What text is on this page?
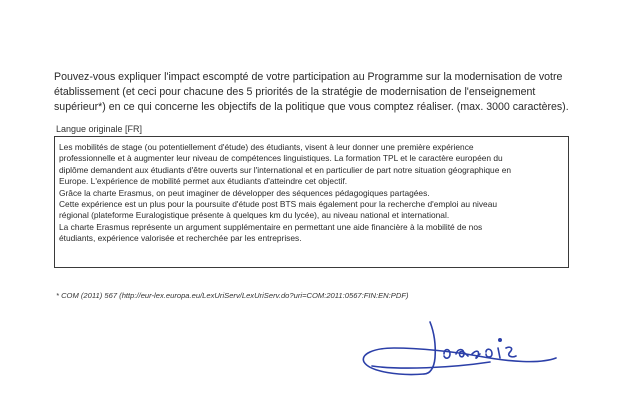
Pouvez-vous expliquer l'impact escompté de votre participation au Programme sur la modernisation de votre
établissement (et ceci pour chacune des 5 priorités de la stratégie de modernisation de l'enseignement
supérieur*) en ce qui concerne les objectifs de la politique que vous comptez réaliser. (max. 3000 caractères).
Langue originale [FR]

Les mobilités de stage (ou potentiellement d'étude) des étudiants, visent à leur donner une première expérience

professionnelle et à augmenter leur niveau de compétences linguistiques. La formation TPL et le caractère européen du

diplôme demandent aux étudiants d'être ouverts sur l'international et en particulier de part notre situation géographique en

Europe. L'expérience de mobilité permet aux étudiants d'atteindre cet objectif.

Grâce la charte Erasmus, on peut imaginer de développer des séquences pédagogiques partagées.

Cette expérience est un plus pour la poursuite d'étude post BTS mais également pour la recherche d'emploi au niveau

régional (plateforme Euralogistique présente à quelques km du lycée), au niveau national et international.

La charte Erasmus représente un argument supplémentaire en permettant une aide financière à la mobilité de nos

étudiants, expérience valorisée et recherchée par les entreprises.

* COM (2011) 567 (http://eur-lex.europa.eu/LexUriServ/LexUriServ.do?uri=COM:2011:0567:FIN:EN:PDF)
